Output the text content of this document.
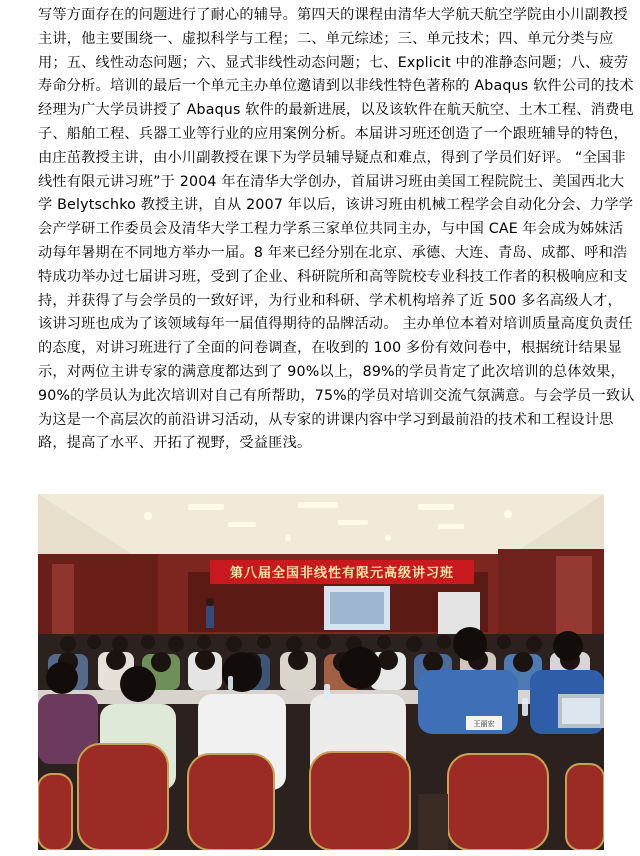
写等方面存在的问题进行了耐心的辅导。第四天的课程由清华大学航天航空学院由小川副教授主讲，他主要围绕一、虚拟科学与工程；二、单元综述；三、单元技术；四、单元分类与应用；五、线性动态问题；六、显式非线性动态问题；七、Explicit 中的准静态问题；八、疲劳寿命分析。培训的最后一个单元主办单位邀请到以非线性特色著称的 Abaqus 软件公司的技术经理为广大学员讲授了 Abaqus 软件的最新进展，以及该软件在航天航空、土木工程、消费电子、船舶工程、兵器工业等行业的应用案例分析。本届讲习班还创造了一个跟班辅导的特色，由庄茁教授主讲，由小川副教授在课下为学员辅导疑点和难点，得到了学员们好评。 “全国非线性有限元讲习班”于 2004 年在清华大学创办，首届讲习班由美国工程院院士、美国西北大学 Belytschko 教授主讲，自从 2007 年以后，该讲习班由机械工程学会自动化分会、力学学会产学研工作委员会及清华大学工程力学系三家单位共同主办，与中国 CAE 年会成为姊妹活动每年暑期在不同地方举办一届。8 年来已经分别在北京、承德、大连、青岛、成都、呼和浩特成功举办过七届讲习班，受到了企业、科研院所和高等院校专业科技工作者的积极响应和支持，并获得了与会学员的一致好评，为行业和科研、学术机构培养了近 500 多名高级人才，该讲习班也成为了该领域每年一届值得期待的品牌活动。 主办单位本着对培训质量高度负责任的态度，对讲习班进行了全面的问卷调查，在收到的 100 多份有效问卷中，根据统计结果显示，对两位主讲专家的满意度都达到了 90%以上，89%的学员肯定了此次培训的总体效果，90%的学员认为此次培训对自己有所帮助，75%的学员对培训交流气氛满意。与会学员一致认为这是一个高层次的前沿讲习活动，从专家的讲课内容中学习到最前沿的技术和工程设计思路，提高了水平、开拓了视野，受益匪浅。

第八届全国非线性有限元高级讲习班
王丽宏
